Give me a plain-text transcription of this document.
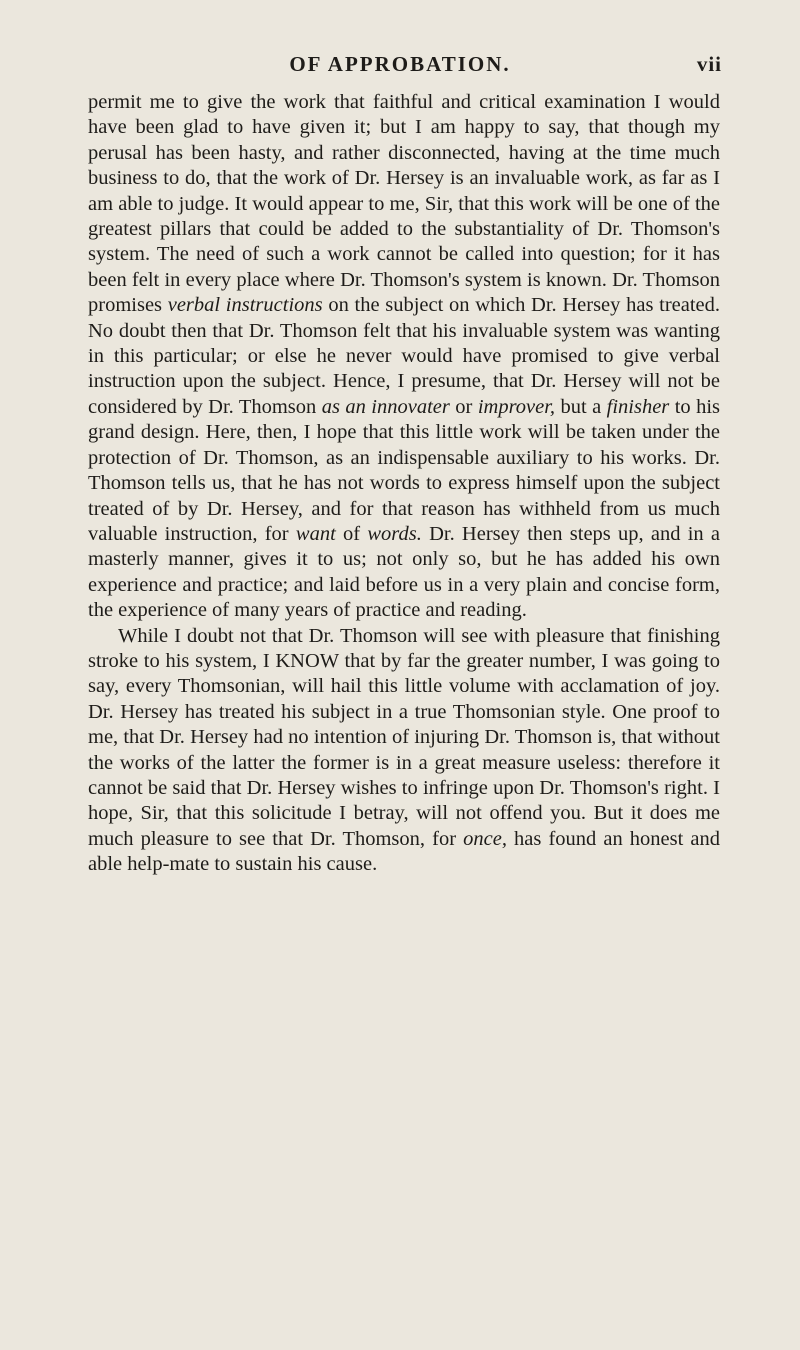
OF APPROBATION.	vii

permit me to give the work that faithful and critical examination I would have been glad to have given it; but I am happy to say, that though my perusal has been hasty, and rather disconnected, having at the time much business to do, that the work of Dr. Hersey is an invaluable work, as far as I am able to judge. It would appear to me, Sir, that this work will be one of the greatest pillars that could be added to the substantiality of Dr. Thomson's system. The need of such a work cannot be called into question; for it has been felt in every place where Dr. Thomson's system is known. Dr. Thomson promises verbal instructions on the subject on which Dr. Hersey has treated. No doubt then that Dr. Thomson felt that his invaluable system was wanting in this particular; or else he never would have promised to give verbal instruction upon the subject. Hence, I presume, that Dr. Hersey will not be considered by Dr. Thomson as an innovater or improver, but a finisher to his grand design. Here, then, I hope that this little work will be taken under the protection of Dr. Thomson, as an indispensable auxiliary to his works. Dr. Thomson tells us, that he has not words to express himself upon the subject treated of by Dr. Hersey, and for that reason has withheld from us much valuable instruction, for want of words. Dr. Hersey then steps up, and in a masterly manner, gives it to us; not only so, but he has added his own experience and practice; and laid before us in a very plain and concise form, the experience of many years of practice and reading.

While I doubt not that Dr. Thomson will see with pleasure that finishing stroke to his system, I KNOW that by far the greater number, I was going to say, every Thomsonian, will hail this little volume with acclamation of joy. Dr. Hersey has treated his subject in a true Thomsonian style. One proof to me, that Dr. Hersey had no intention of injuring Dr. Thomson is, that without the works of the latter the former is in a great measure useless: therefore it cannot be said that Dr. Hersey wishes to infringe upon Dr. Thomson's right. I hope, Sir, that this solicitude I betray, will not offend you. But it does me much pleasure to see that Dr. Thomson, for once, has found an honest and able help-mate to sustain his cause.
